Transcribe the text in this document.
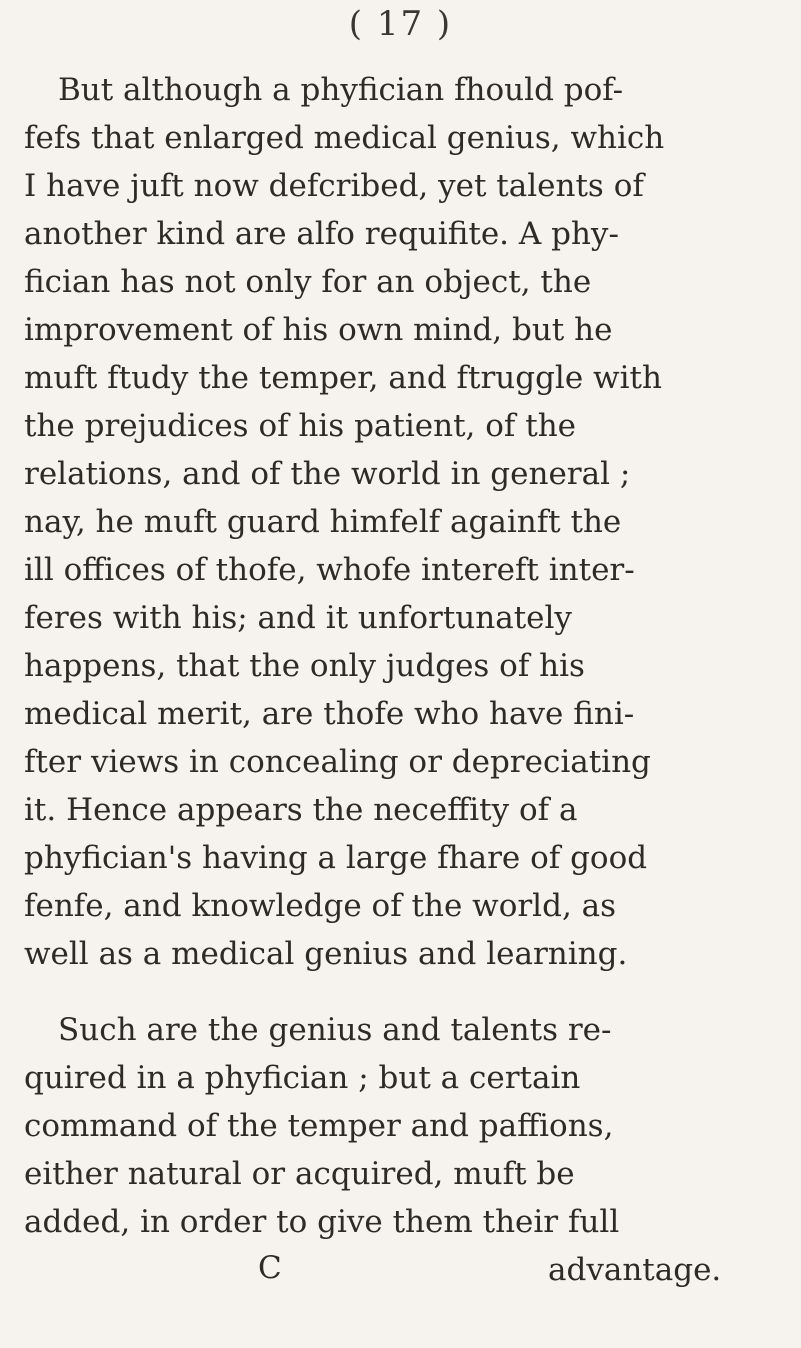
( 17 )
But although a phyfician fhould pof-
fefs that enlarged medical genius, which
I have juft now defcribed, yet talents of
another kind are alfo requifite. A phy-
fician has not only for an object, the
improvement of his own mind, but he
muft ftudy the temper, and ftruggle with
the prejudices of his patient, of the
relations, and of the world in general ;
nay, he muft guard himfelf againft the
ill offices of thofe, whofe intereft inter-
feres with his; and it unfortunately
happens, that the only judges of his
medical merit, are thofe who have fini-
fter views in concealing or depreciating
it. Hence appears the neceffity of a
phyfician's having a large fhare of good
fenfe, and knowledge of the world, as
well as a medical genius and learning.
Such are the genius and talents re-
quired in a phyfician ; but a certain
command of the temper and paffions,
either natural or acquired, muft be
added, in order to give them their full
C	advantage.
